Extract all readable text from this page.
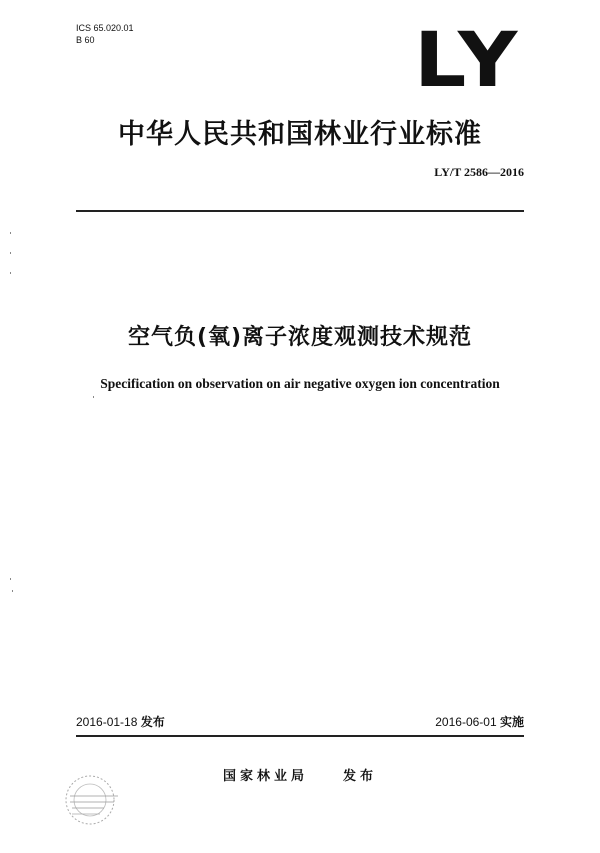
ICS 65.020.01
B 60	LY
中华人民共和国林业行业标准
LY/T 2586—2016
空气负(氧)离子浓度观测技术规范
Specification on observation on air negative oxygen ion concentration
2016-01-18 发布	2016-06-01 实施
国家林业局	发布
